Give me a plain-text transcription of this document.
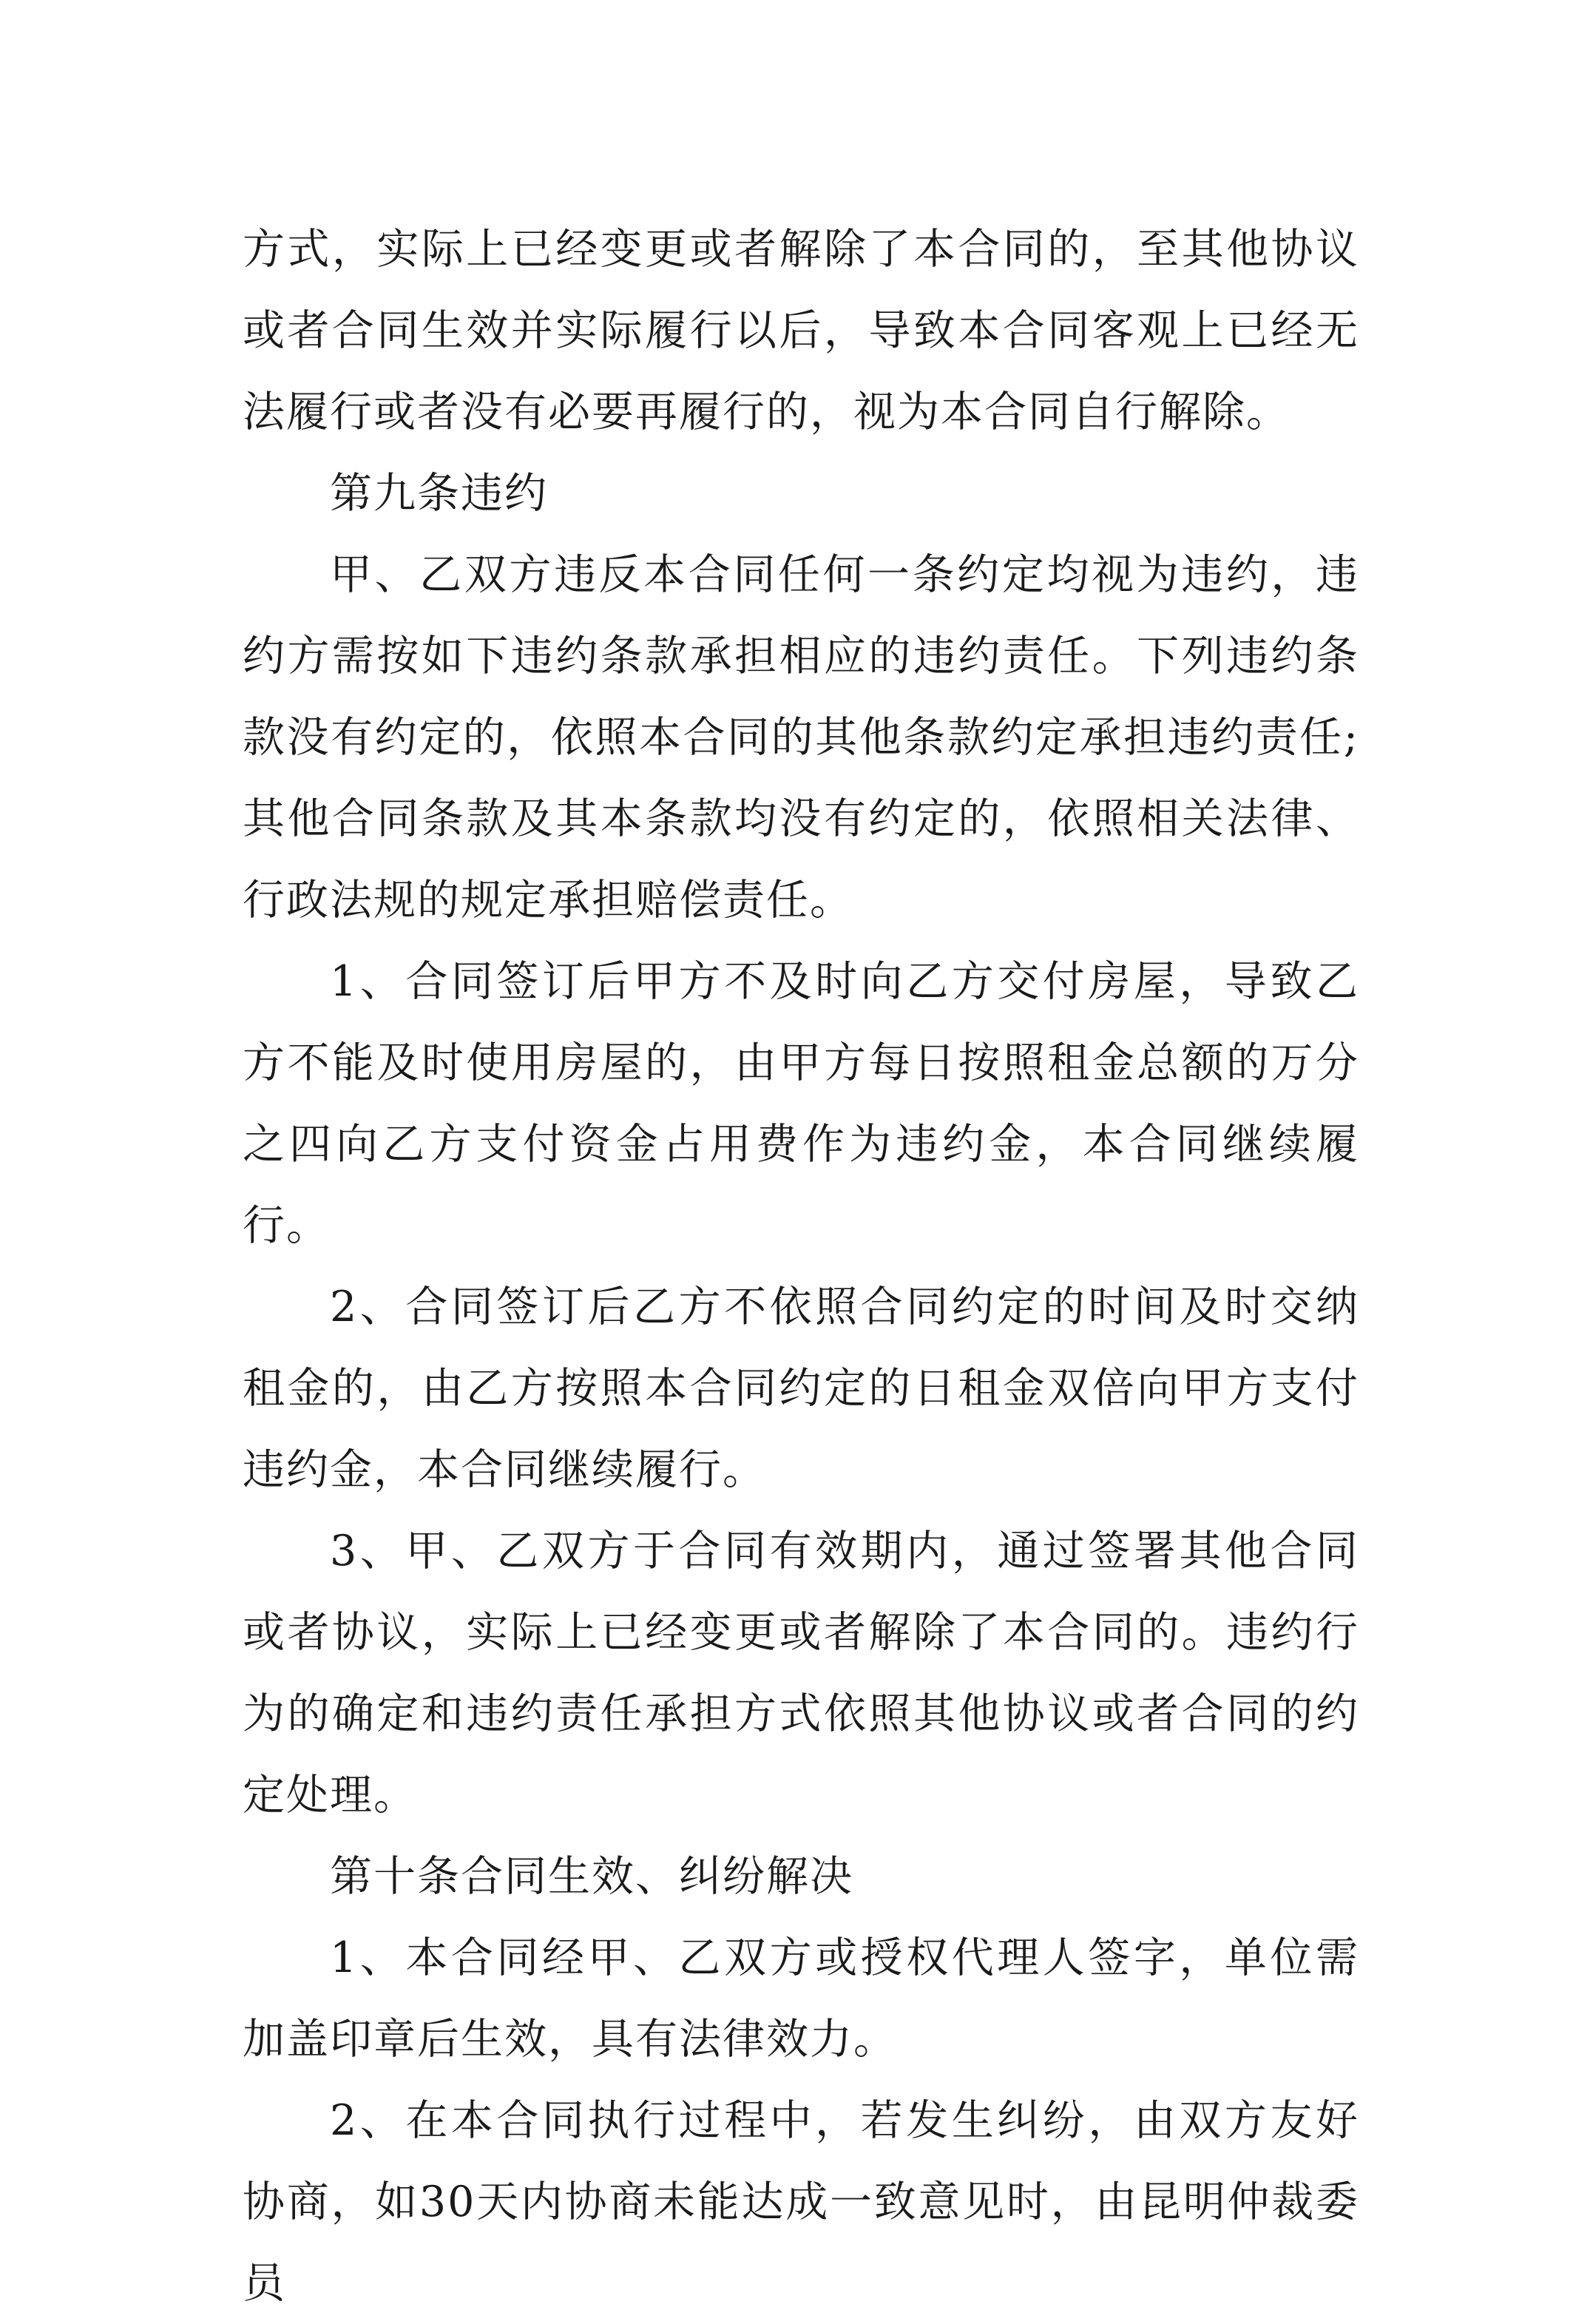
方式，实际上已经变更或者解除了本合同的，至其他协议或者合同生效并实际履行以后，导致本合同客观上已经无法履行或者没有必要再履行的，视为本合同自行解除。

第九条违约

甲、乙双方违反本合同任何一条约定均视为违约，违约方需按如下违约条款承担相应的违约责任。下列违约条款没有约定的，依照本合同的其他条款约定承担违约责任;其他合同条款及其本条款均没有约定的，依照相关法律、行政法规的规定承担赔偿责任。

1、合同签订后甲方不及时向乙方交付房屋，导致乙方不能及时使用房屋的，由甲方每日按照租金总额的万分之四向乙方支付资金占用费作为违约金，本合同继续履行。

2、合同签订后乙方不依照合同约定的时间及时交纳租金的，由乙方按照本合同约定的日租金双倍向甲方支付违约金，本合同继续履行。

3、甲、乙双方于合同有效期内，通过签署其他合同或者协议，实际上已经变更或者解除了本合同的。违约行为的确定和违约责任承担方式依照其他协议或者合同的约定处理。

第十条合同生效、纠纷解决

1、本合同经甲、乙双方或授权代理人签字，单位需加盖印章后生效，具有法律效力。

2、在本合同执行过程中，若发生纠纷，由双方友好协商，如30天内协商未能达成一致意见时，由昆明仲裁委员
